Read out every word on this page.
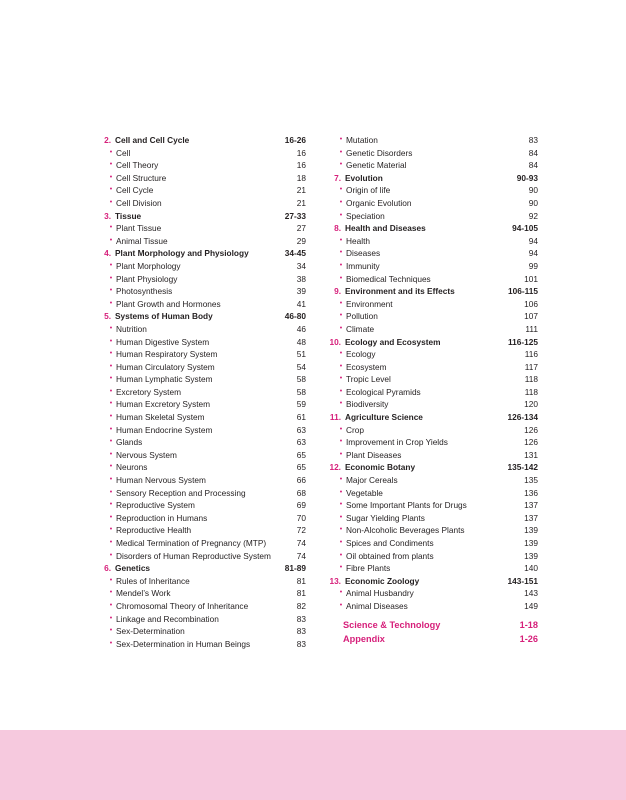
2. Cell and Cell Cycle	16-26
• Cell	16
• Cell Theory	16
• Cell Structure	18
• Cell Cycle	21
• Cell Division	21
3. Tissue	27-33
• Plant Tissue	27
• Animal Tissue	29
4. Plant Morphology and Physiology	34-45
• Plant Morphology	34
• Plant Physiology	38
• Photosynthesis	39
• Plant Growth and Hormones	41
5. Systems of Human Body	46-80
• Nutrition	46
• Human Digestive System	48
• Human Respiratory System	51
• Human Circulatory System	54
• Human Lymphatic System	58
• Excretory System	58
• Human Excretory System	59
• Human Skeletal System	61
• Human Endocrine System	63
• Glands	63
• Nervous System	65
• Neurons	65
• Human Nervous System	66
• Sensory Reception and Processing	68
• Reproductive System	69
• Reproduction in Humans	70
• Reproductive Health	72
• Medical Termination of Pregnancy (MTP)	74
• Disorders of Human Reproductive System	74
6. Genetics	81-89
• Rules of Inheritance	81
• Mendel’s Work	81
• Chromosomal Theory of Inheritance	82
• Linkage and Recombination	83
• Sex-Determination	83
• Sex-Determination in Human Beings	83
• Mutation	83
• Genetic Disorders	84
• Genetic Material	84
7. Evolution	90-93
• Origin of life	90
• Organic Evolution	90
• Speciation	92
8. Health and Diseases	94-105
• Health	94
• Diseases	94
• Immunity	99
• Biomedical Techniques	101
9. Environment and its Effects	106-115
• Environment	106
• Pollution	107
• Climate	111
10. Ecology and Ecosystem	116-125
• Ecology	116
• Ecosystem	117
• Tropic Level	118
• Ecological Pyramids	118
• Biodiversity	120
11. Agriculture Science	126-134
• Crop	126
• Improvement in Crop Yields	126
• Plant Diseases	131
12. Economic Botany	135-142
• Major Cereals	135
• Vegetable	136
• Some Important Plants for Drugs	137
• Sugar Yielding Plants	137
• Non-Alcoholic Beverages Plants	139
• Spices and Condiments	139
• Oil obtained from plants	139
• Fibre Plants	140
13. Economic Zoology	143-151
• Animal Husbandry	143
• Animal Diseases	149
Science & Technology	1-18
Appendix	1-26
